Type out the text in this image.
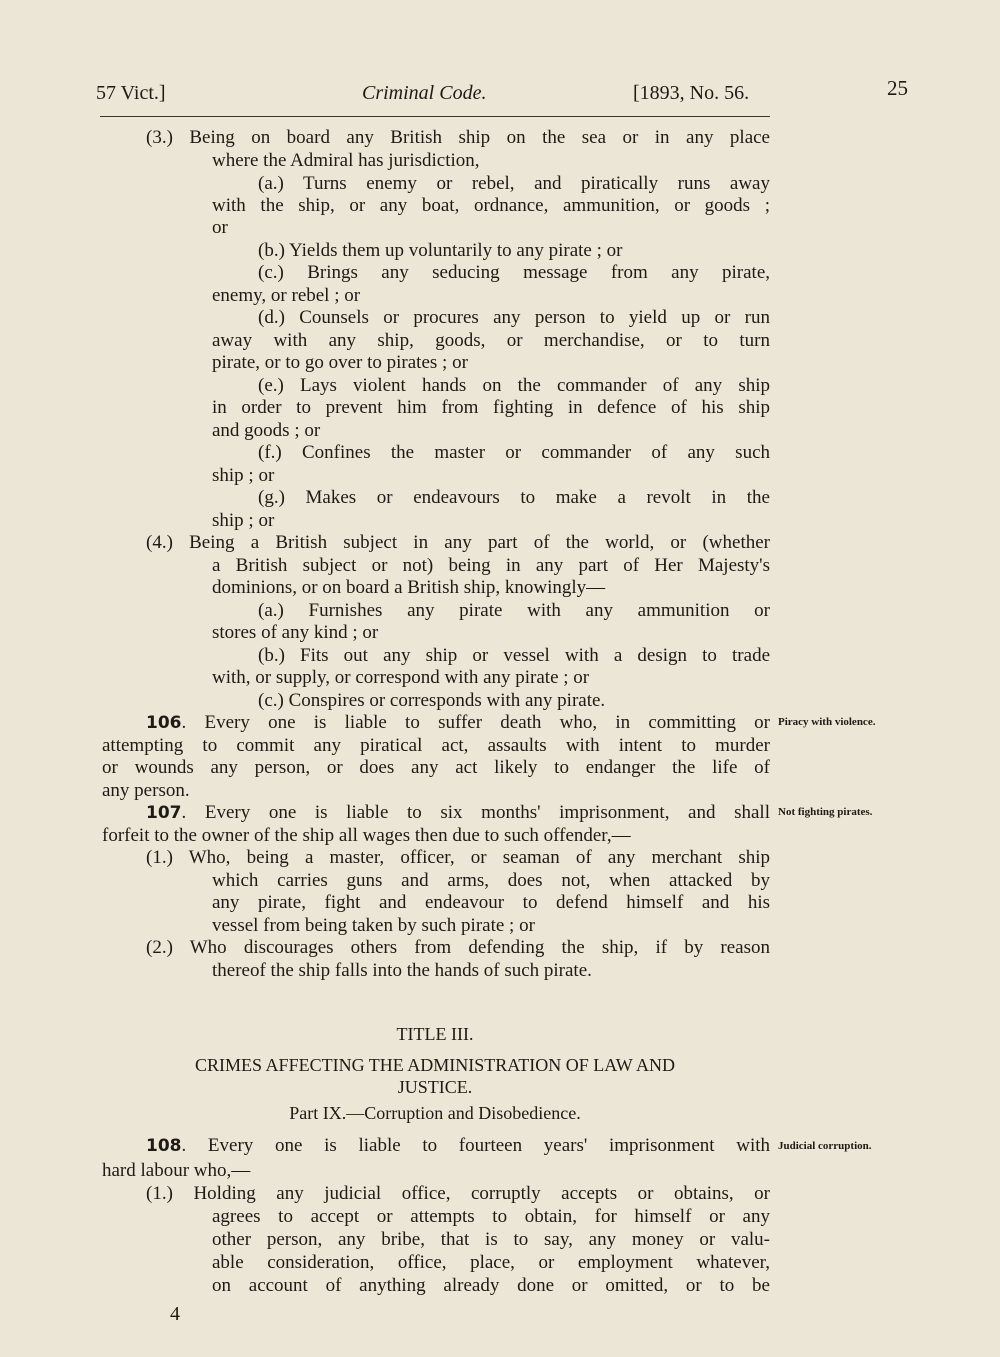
57 Vict.]	Criminal Code.	[1893, No. 56.	25
(3.) Being on board any British ship on the sea or in any place
where the Admiral has jurisdiction,
(a.) Turns enemy or rebel, and piratically runs away
with the ship, or any boat, ordnance, ammunition, or goods ;
or
(b.) Yields them up voluntarily to any pirate ; or
(c.) Brings any seducing message from any pirate,
enemy, or rebel ; or
(d.) Counsels or procures any person to yield up or run
away with any ship, goods, or merchandise, or to turn
pirate, or to go over to pirates ; or
(e.) Lays violent hands on the commander of any ship
in order to prevent him from fighting in defence of his ship
and goods ; or
(f.) Confines the master or commander of any such
ship ; or
(g.) Makes or endeavours to make a revolt in the
ship ; or
(4.) Being a British subject in any part of the world, or (whether
a British subject or not) being in any part of Her Majesty's
dominions, or on board a British ship, knowingly—
(a.) Furnishes any pirate with any ammunition or
stores of any kind ; or
(b.) Fits out any ship or vessel with a design to trade
with, or supply, or correspond with any pirate ; or
(c.) Conspires or corresponds with any pirate.
106. Every one is liable to suffer death who, in committing or
attempting to commit any piratical act, assaults with intent to murder
or wounds any person, or does any act likely to endanger the life of
any person.
107. Every one is liable to six months' imprisonment, and shall
forfeit to the owner of the ship all wages then due to such offender,—
(1.) Who, being a master, officer, or seaman of any merchant ship
which carries guns and arms, does not, when attacked by
any pirate, fight and endeavour to defend himself and his
vessel from being taken by such pirate ; or
(2.) Who discourages others from defending the ship, if by reason
thereof the ship falls into the hands of such pirate.
108. Every one is liable to fourteen years' imprisonment with
hard labour who,—
(1.) Holding any judicial office, corruptly accepts or obtains, or
agrees to accept or attempts to obtain, for himself or any
other person, any bribe, that is to say, any money or valu-
able consideration, office, place, or employment whatever,
on account of anything already done or omitted, or to be
Piracy with violence.
Not fighting pirates.
Judicial corruption.
TITLE III.
CRIMES AFFECTING THE ADMINISTRATION OF LAW AND
JUSTICE.
Part IX.—Corruption and Disobedience.
4
